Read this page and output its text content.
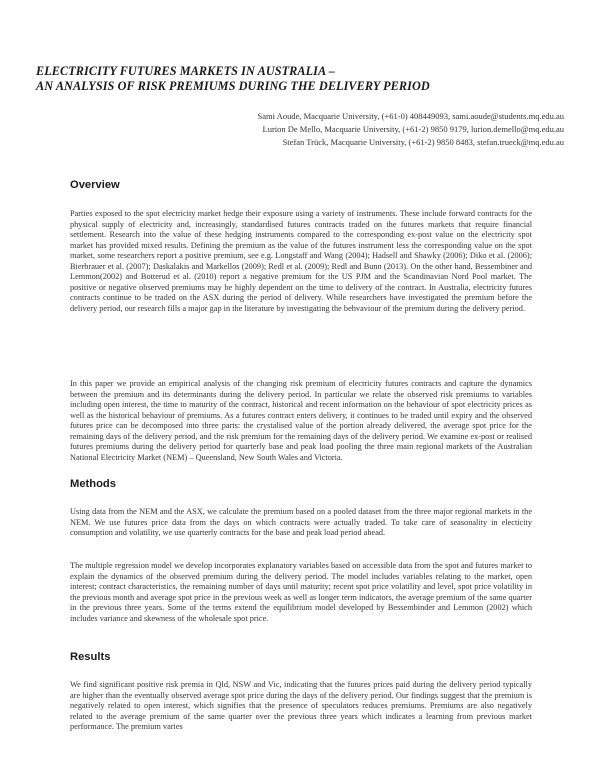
ELECTRICITY FUTURES MARKETS IN AUSTRALIA –
AN ANALYSIS OF RISK PREMIUMS DURING THE DELIVERY PERIOD
Sami Aoude, Macquarie University, (+61-0) 408449093, sami.aoude@students.mq.edu.au
Lurion De Mello, Macquarie University, (+61-2) 9850 9179, lurion.demello@mq.edu.au
Stefan Trück, Macquarie University, (+61-2) 9850 8483, stefan.trueck@mq.edu.au
Overview

Parties exposed to the spot electricity market hedge their exposure using a variety of instruments. These include forward contracts for the physical supply of electricity and, increasingly, standardised futures contracts traded on the futures markets that require financial settlement. Research into the value of these hedging instruments compared to the corresponding ex-post value on the electricity spot market has provided mixed results. Defining the premium as the value of the futures instrument less the corresponding value on the spot market, some researchers report a positive premium, see e.g. Longstaff and Wang (2004); Hadsell and Shawky (2006); Diko et al. (2006); Bierbrauer et al. (2007); Daskalakis and Markellos (2009); Redl et al. (2009); Redl and Bunn (2013). On the other hand, Bessembiner and Lemmon(2002) and Botterud et al. (2010) report a negative premium for the US PJM and the Scandinavian Nord Pool market. The positive or negative observed premiums may be highly dependent on the time to delivery of the contract. In Australia, electricity futures contracts continue to be traded on the ASX during the period of delivery. While researchers have investigated the premium before the delivery period, our research fills a major gap in the literature by investigating the behvaviour of the premium during the delivery period.

In this paper we provide an empirical analysis of the changing risk premium of electricity futures contracts and capture the dynamics between the premium and its determinants during the delivery period. In particular we relate the observed risk premiums to variables including open interest, the time to maturity of the contract, historical and recent information on the behaviour of spot electricity prices as well as the historical behaviour of premiums. As a futures contract enters delivery, it continues to be traded until expiry and the observed futures price can be decomposed into three parts: the crystalised value of the portion already delivered, the average spot price for the remaining days of the delivery period, and the risk premium for the remaining days of the delivery period. We examine ex-post or realised futures premiums during the delivery period for quarterly base and peak load pooling the three main regional markets of the Australian National Electricity Market (NEM) – Queensland, New South Wales and Victoria.

Methods

Using data from the NEM and the ASX, we calculate the premium based on a pooled dataset from the three major regional markets in the NEM. We use futures price data from the days on which contracts were actually traded. To take care of seasonality in electicity consumption and volatility, we use quarterly contracts for the base and peak load period ahead.

The multiple regression model we develop incorporates explanatory variables based on accessible data from the spot and futures market to explain the dynamics of the observed premium during the delivery period. The model includes variables relating to the market, open interest; contract characteristics, the remaining number of days until maturity; recent spot price volatility and level, spot price volatility in the previous month and average spot price in the previous week as well as longer term indicators, the average premium of the same quarter in the previous three years. Some of the terms extend the equilibrium model developed by Bessembinder and Lemmon (2002) which includes variance and skewness of the wholesale spot price.

Results

We find significant positive risk premia in Qld, NSW and Vic, indicating that the futures prices paid during the delivery period typically are higher than the eventually observed average spot price during the days of the delivery period. Our findings suggest that the premium is negatively related to open interest, which signifies that the presence of speculators reduces premiums. Premiums are also negatively related to the average premium of the same quarter over the previous three years which indicates a learning from previous market performance. The premium varies
